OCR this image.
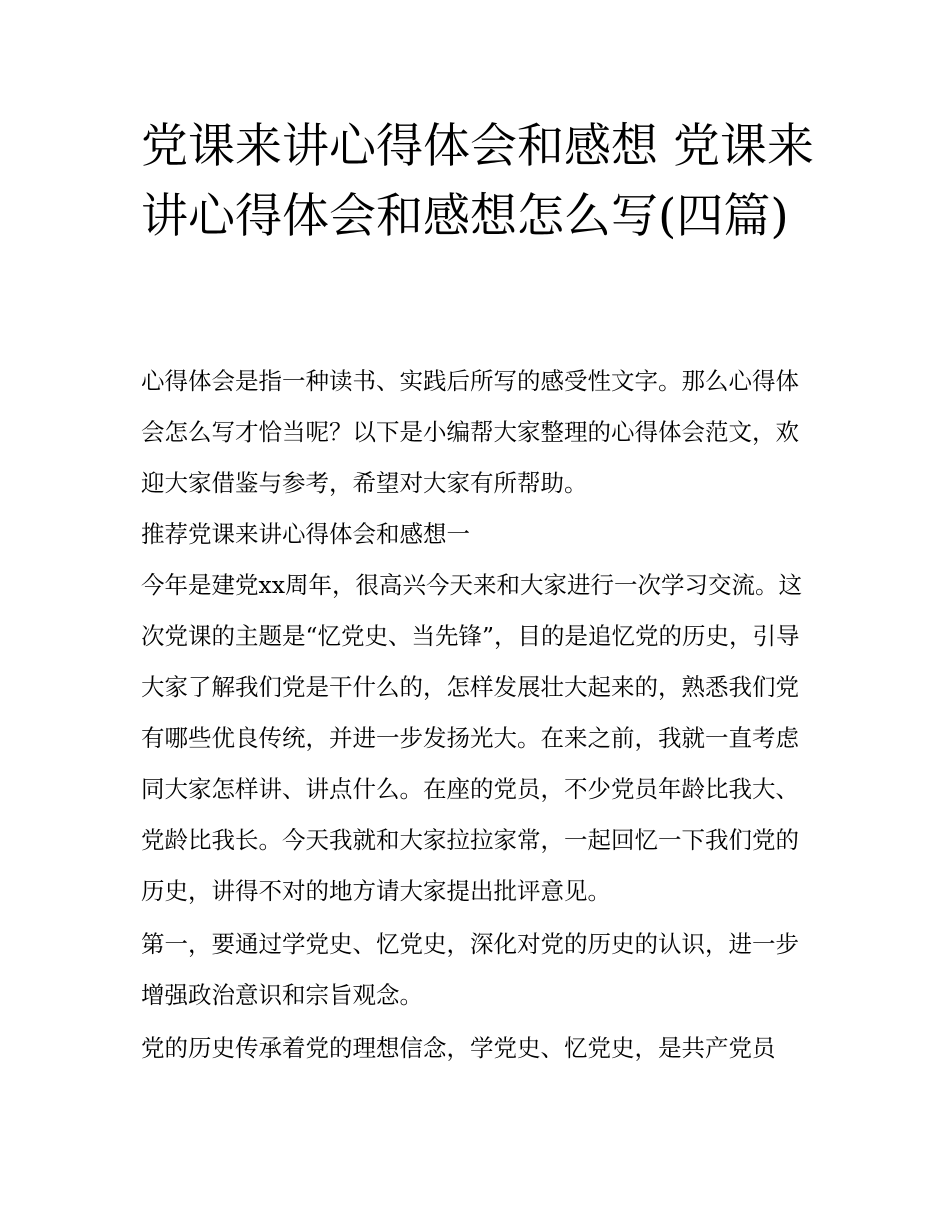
党课来讲心得体会和感想 党课来讲心得体会和感想怎么写(四篇)

心得体会是指一种读书、实践后所写的感受性文字。那么心得体会怎么写才恰当呢？以下是小编帮大家整理的心得体会范文，欢迎大家借鉴与参考，希望对大家有所帮助。

推荐党课来讲心得体会和感想一

今年是建党xx周年，很高兴今天来和大家进行一次学习交流。这次党课的主题是“忆党史、当先锋”，目的是追忆党的历史，引导大家了解我们党是干什么的，怎样发展壮大起来的，熟悉我们党有哪些优良传统，并进一步发扬光大。在来之前，我就一直考虑同大家怎样讲、讲点什么。在座的党员，不少党员年龄比我大、党龄比我长。今天我就和大家拉拉家常，一起回忆一下我们党的历史，讲得不对的地方请大家提出批评意见。

第一，要通过学党史、忆党史，深化对党的历史的认识，进一步增强政治意识和宗旨观念。

党的历史传承着党的理想信念，学党史、忆党史，是共产党员
